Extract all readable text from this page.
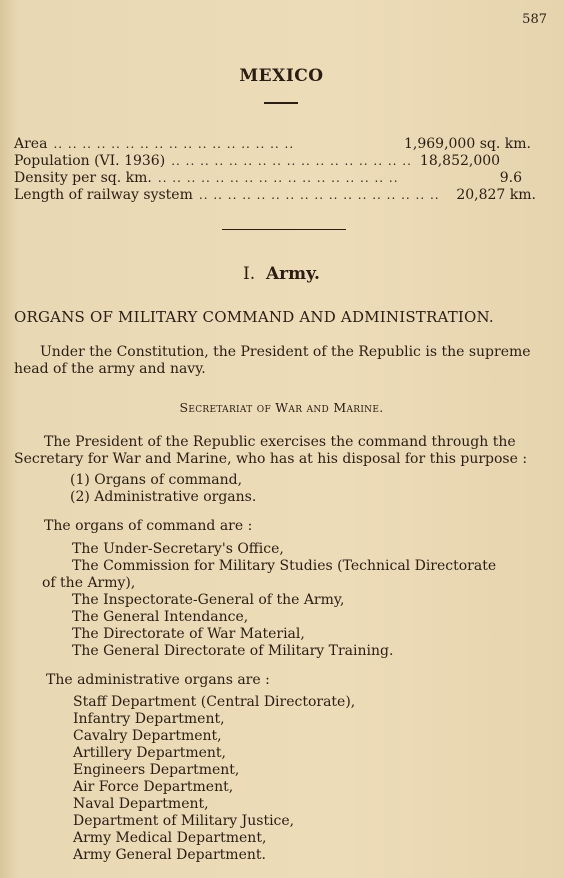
587
MEXICO
Area .. .. .. .. .. .. .. .. .. .. .. .. .. .. .. .. ..	1,969,000 sq. km.
Population (VI. 1936) .. .. .. .. .. .. .. .. .. .. .. .. .. .. .. .. .. 18,852,000
Density per sq. km. .. .. .. .. .. .. .. .. .. .. .. .. .. .. .. .. ..	9.6
Length of railway system .. .. .. .. .. .. .. .. .. .. .. .. .. .. .. .. ..	20,827 km.
I. Army.
ORGANS OF MILITARY COMMAND AND ADMINISTRATION.
Under the Constitution, the President of the Republic is the supreme
head of the army and navy.
Secretariat of War and Marine.
The President of the Republic exercises the command through the
Secretary for War and Marine, who has at his disposal for this purpose :
(1) Organs of command,
(2) Administrative organs.
The organs of command are :
The Under-Secretary's Office,
The Commission for Military Studies (Technical Directorate
of the Army),
The Inspectorate-General of the Army,
The General Intendance,
The Directorate of War Material,
The General Directorate of Military Training.
The administrative organs are :
Staff Department (Central Directorate),
Infantry Department,
Cavalry Department,
Artillery Department,
Engineers Department,
Air Force Department,
Naval Department,
Department of Military Justice,
Army Medical Department,
Army General Department.
